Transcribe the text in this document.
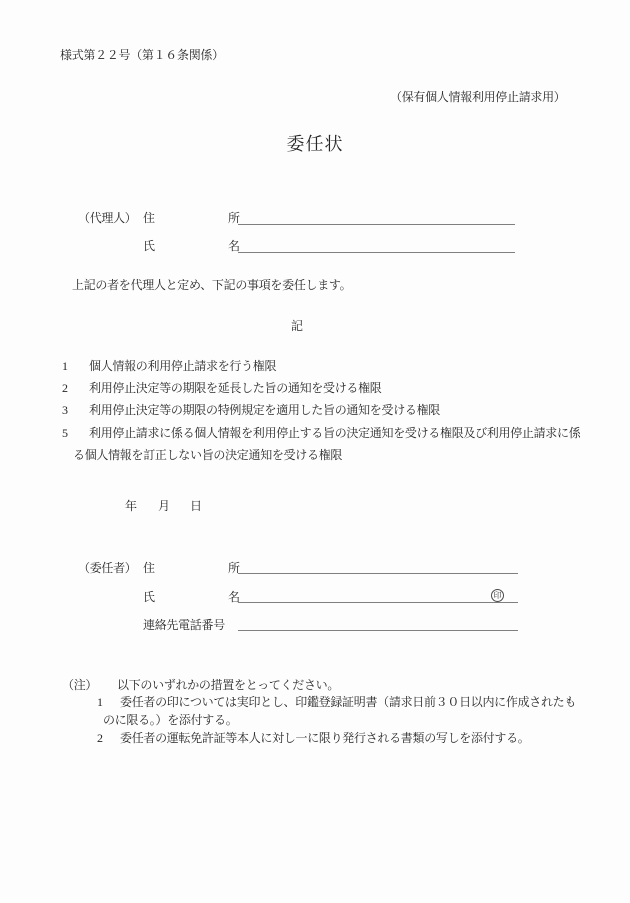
様式第２２号（第１６条関係）
（保有個人情報利用停止請求用）
委任状
（代理人） 住	所
氏	名
上記の者を代理人と定め、下記の事項を委任します。
記
1 個人情報の利用停止請求を行う権限
2 利用停止決定等の期限を延長した旨の通知を受ける権限
3 利用停止決定等の期限の特例規定を適用した旨の通知を受ける権限
5 利用停止請求に係る個人情報を利用停止する旨の決定通知を受ける権限及び利用停止請求に係る個人情報を訂正しない旨の決定通知を受ける権限
年 月 日
（委任者） 住	所
氏	名	印
連絡先電話番号
（注） 以下のいずれかの措置をとってください。
1 委任者の印については実印とし、印鑑登録証明書（請求日前３０日以内に作成されたものに限る。）を添付する。
2 委任者の運転免許証等本人に対し一に限り発行される書類の写しを添付する。
